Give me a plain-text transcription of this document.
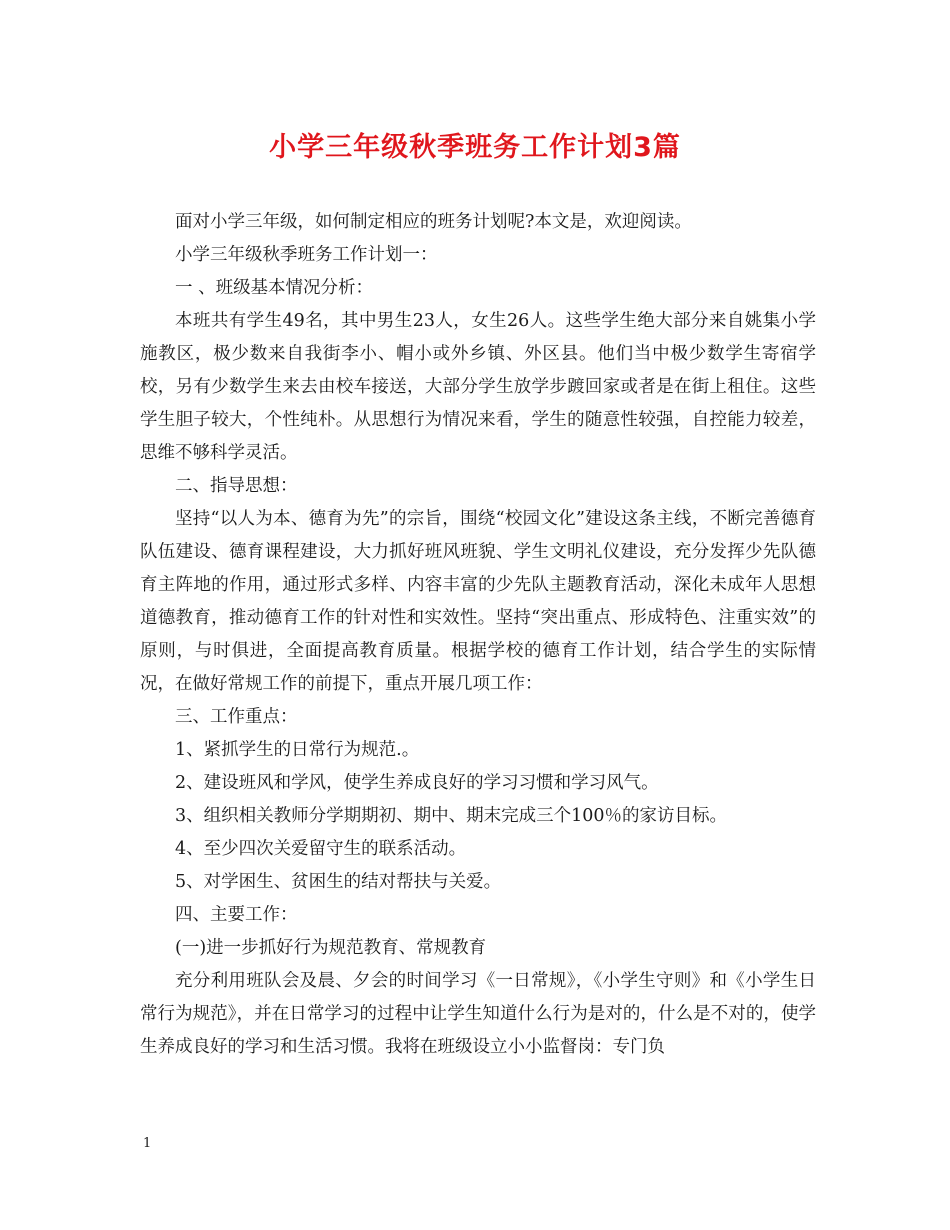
小学三年级秋季班务工作计划3篇

面对小学三年级，如何制定相应的班务计划呢?本文是，欢迎阅读。

小学三年级秋季班务工作计划一：

一 、班级基本情况分析：

本班共有学生49名，其中男生23人，女生26人。这些学生绝大部分来自姚集小学施教区，极少数来自我街李小、帽小或外乡镇、外区县。他们当中极少数学生寄宿学校，另有少数学生来去由校车接送，大部分学生放学步踱回家或者是在街上租住。这些学生胆子较大，个性纯朴。从思想行为情况来看，学生的随意性较强，自控能力较差，思维不够科学灵活。

二、指导思想：

坚持“以人为本、德育为先”的宗旨，围绕“校园文化”建设这条主线，不断完善德育队伍建设、德育课程建设，大力抓好班风班貌、学生文明礼仪建设，充分发挥少先队德育主阵地的作用，通过形式多样、内容丰富的少先队主题教育活动，深化未成年人思想道德教育，推动德育工作的针对性和实效性。坚持“突出重点、形成特色、注重实效”的原则，与时俱进，全面提高教育质量。根据学校的德育工作计划，结合学生的实际情况，在做好常规工作的前提下，重点开展几项工作：

三、工作重点：

1、紧抓学生的日常行为规范.。

2、建设班风和学风，使学生养成良好的学习习惯和学习风气。

3、组织相关教师分学期期初、期中、期末完成三个100％的家访目标。

4、至少四次关爱留守生的联系活动。

5、对学困生、贫困生的结对帮扶与关爱。

四、主要工作：

(一)进一步抓好行为规范教育、常规教育

充分利用班队会及晨、夕会的时间学习《一日常规》，《小学生守则》和《小学生日常行为规范》，并在日常学习的过程中让学生知道什么行为是对的，什么是不对的，使学生养成良好的学习和生活习惯。我将在班级设立小小监督岗：专门负

1
